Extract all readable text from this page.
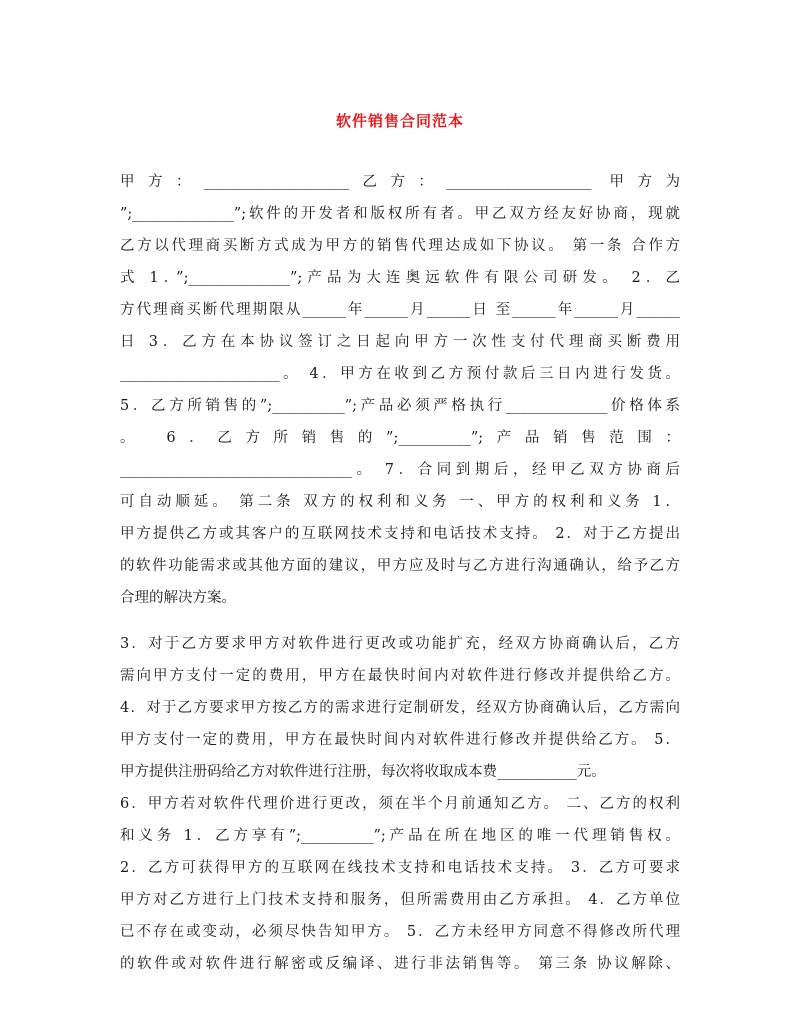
软件销售合同范本
甲方：____________________乙方：____________________ 甲方为
”;______________”;软件的开发者和版权所有者。甲乙双方经友好协商，现就
乙方以代理商买断方式成为甲方的销售代理达成如下协议。 第一条 合作方
式 1．”;______________”;产品为大连奥远软件有限公司研发。 2．乙
方代理商买断代理期限从______年______月______日 至______年______月______
日 3．乙方在本协议签订之日起向甲方一次性支付代理商买断费用
______________________。 4．甲方在收到乙方预付款后三日内进行发货。
5．乙方所销售的”;__________”;产品必须严格执行______________价格体系
。 6．乙方所销售的”;__________”;产品销售范围：
________________________________。 7．合同到期后，经甲乙双方协商后
可自动顺延。 第二条 双方的权利和义务 一、甲方的权利和义务 1．
甲方提供乙方或其客户的互联网技术支持和电话技术支持。 2．对于乙方提出
的软件功能需求或其他方面的建议，甲方应及时与乙方进行沟通确认，给予乙方
合理的解决方案。
3．对于乙方要求甲方对软件进行更改或功能扩充，经双方协商确认后，乙方
需向甲方支付一定的费用，甲方在最快时间内对软件进行修改并提供给乙方。
4．对于乙方要求甲方按乙方的需求进行定制研发，经双方协商确认后，乙方需向
甲方支付一定的费用，甲方在最快时间内对软件进行修改并提供给乙方。 5．
甲方提供注册码给乙方对软件进行注册，每次将收取成本费___________元。
6．甲方若对软件代理价进行更改，须在半个月前通知乙方。 二、乙方的权利
和义务 1．乙方享有”;__________”;产品在所在地区的唯一代理销售权。
2．乙方可获得甲方的互联网在线技术支持和电话技术支持。 3．乙方可要求
甲方对乙方进行上门技术支持和服务，但所需费用由乙方承担。 4．乙方单位
已不存在或变动，必须尽快告知甲方。 5．乙方未经甲方同意不得修改所代理
的软件或对软件进行解密或反编译、进行非法销售等。 第三条 协议解除、
